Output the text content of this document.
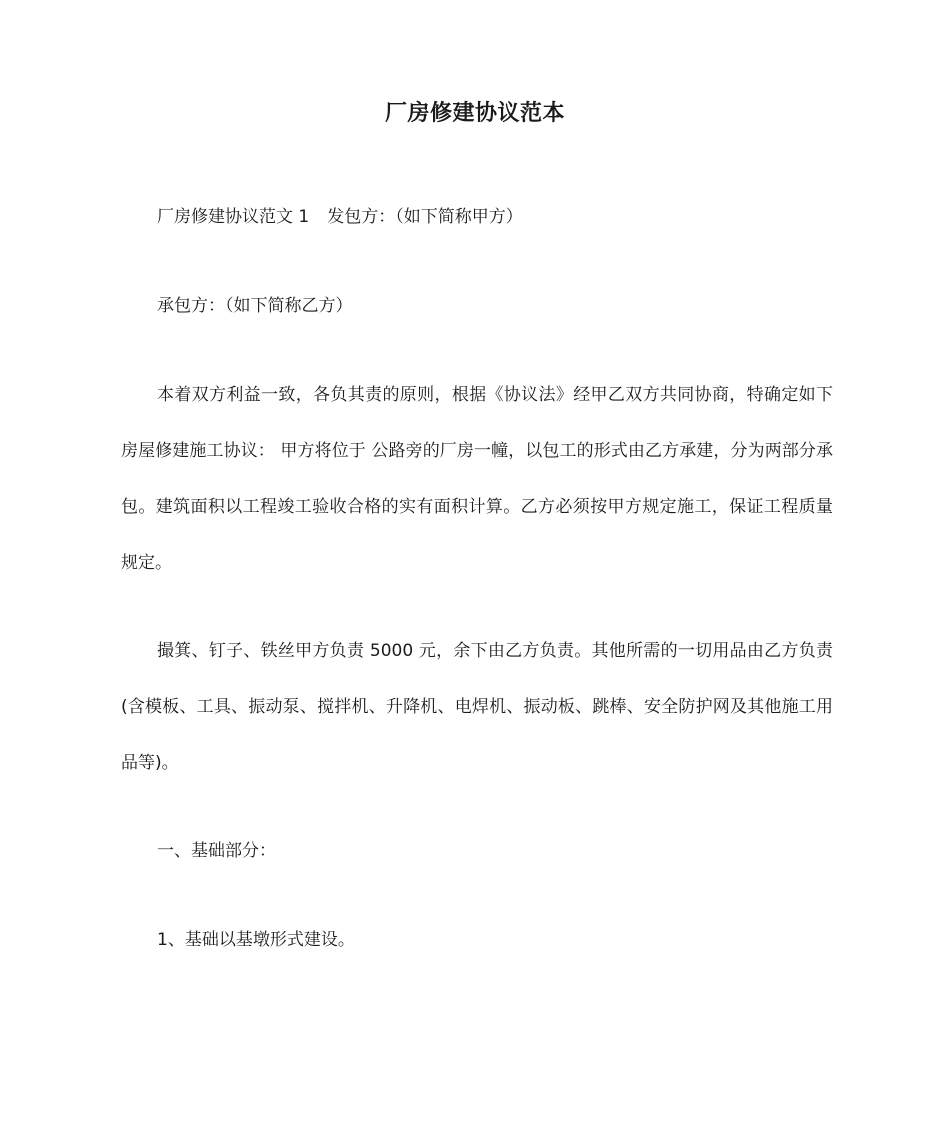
厂房修建协议范本

厂房修建协议范文 1 发包方：（如下简称甲方）

承包方：（如下简称乙方）

本着双方利益一致，各负其责的原则，根据《协议法》经甲乙双方共同协商，特确定如下房屋修建施工协议： 甲方将位于 公路旁的厂房一幢，以包工的形式由乙方承建，分为两部分承包。建筑面积以工程竣工验收合格的实有面积计算。乙方必须按甲方规定施工，保证工程质量规定。

撮箕、钉子、铁丝甲方负责 5000 元，余下由乙方负责。其他所需的一切用品由乙方负责(含模板、工具、振动泵、搅拌机、升降机、电焊机、振动板、跳棒、安全防护网及其他施工用品等)。

一、基础部分：

1、基础以基墩形式建设。
